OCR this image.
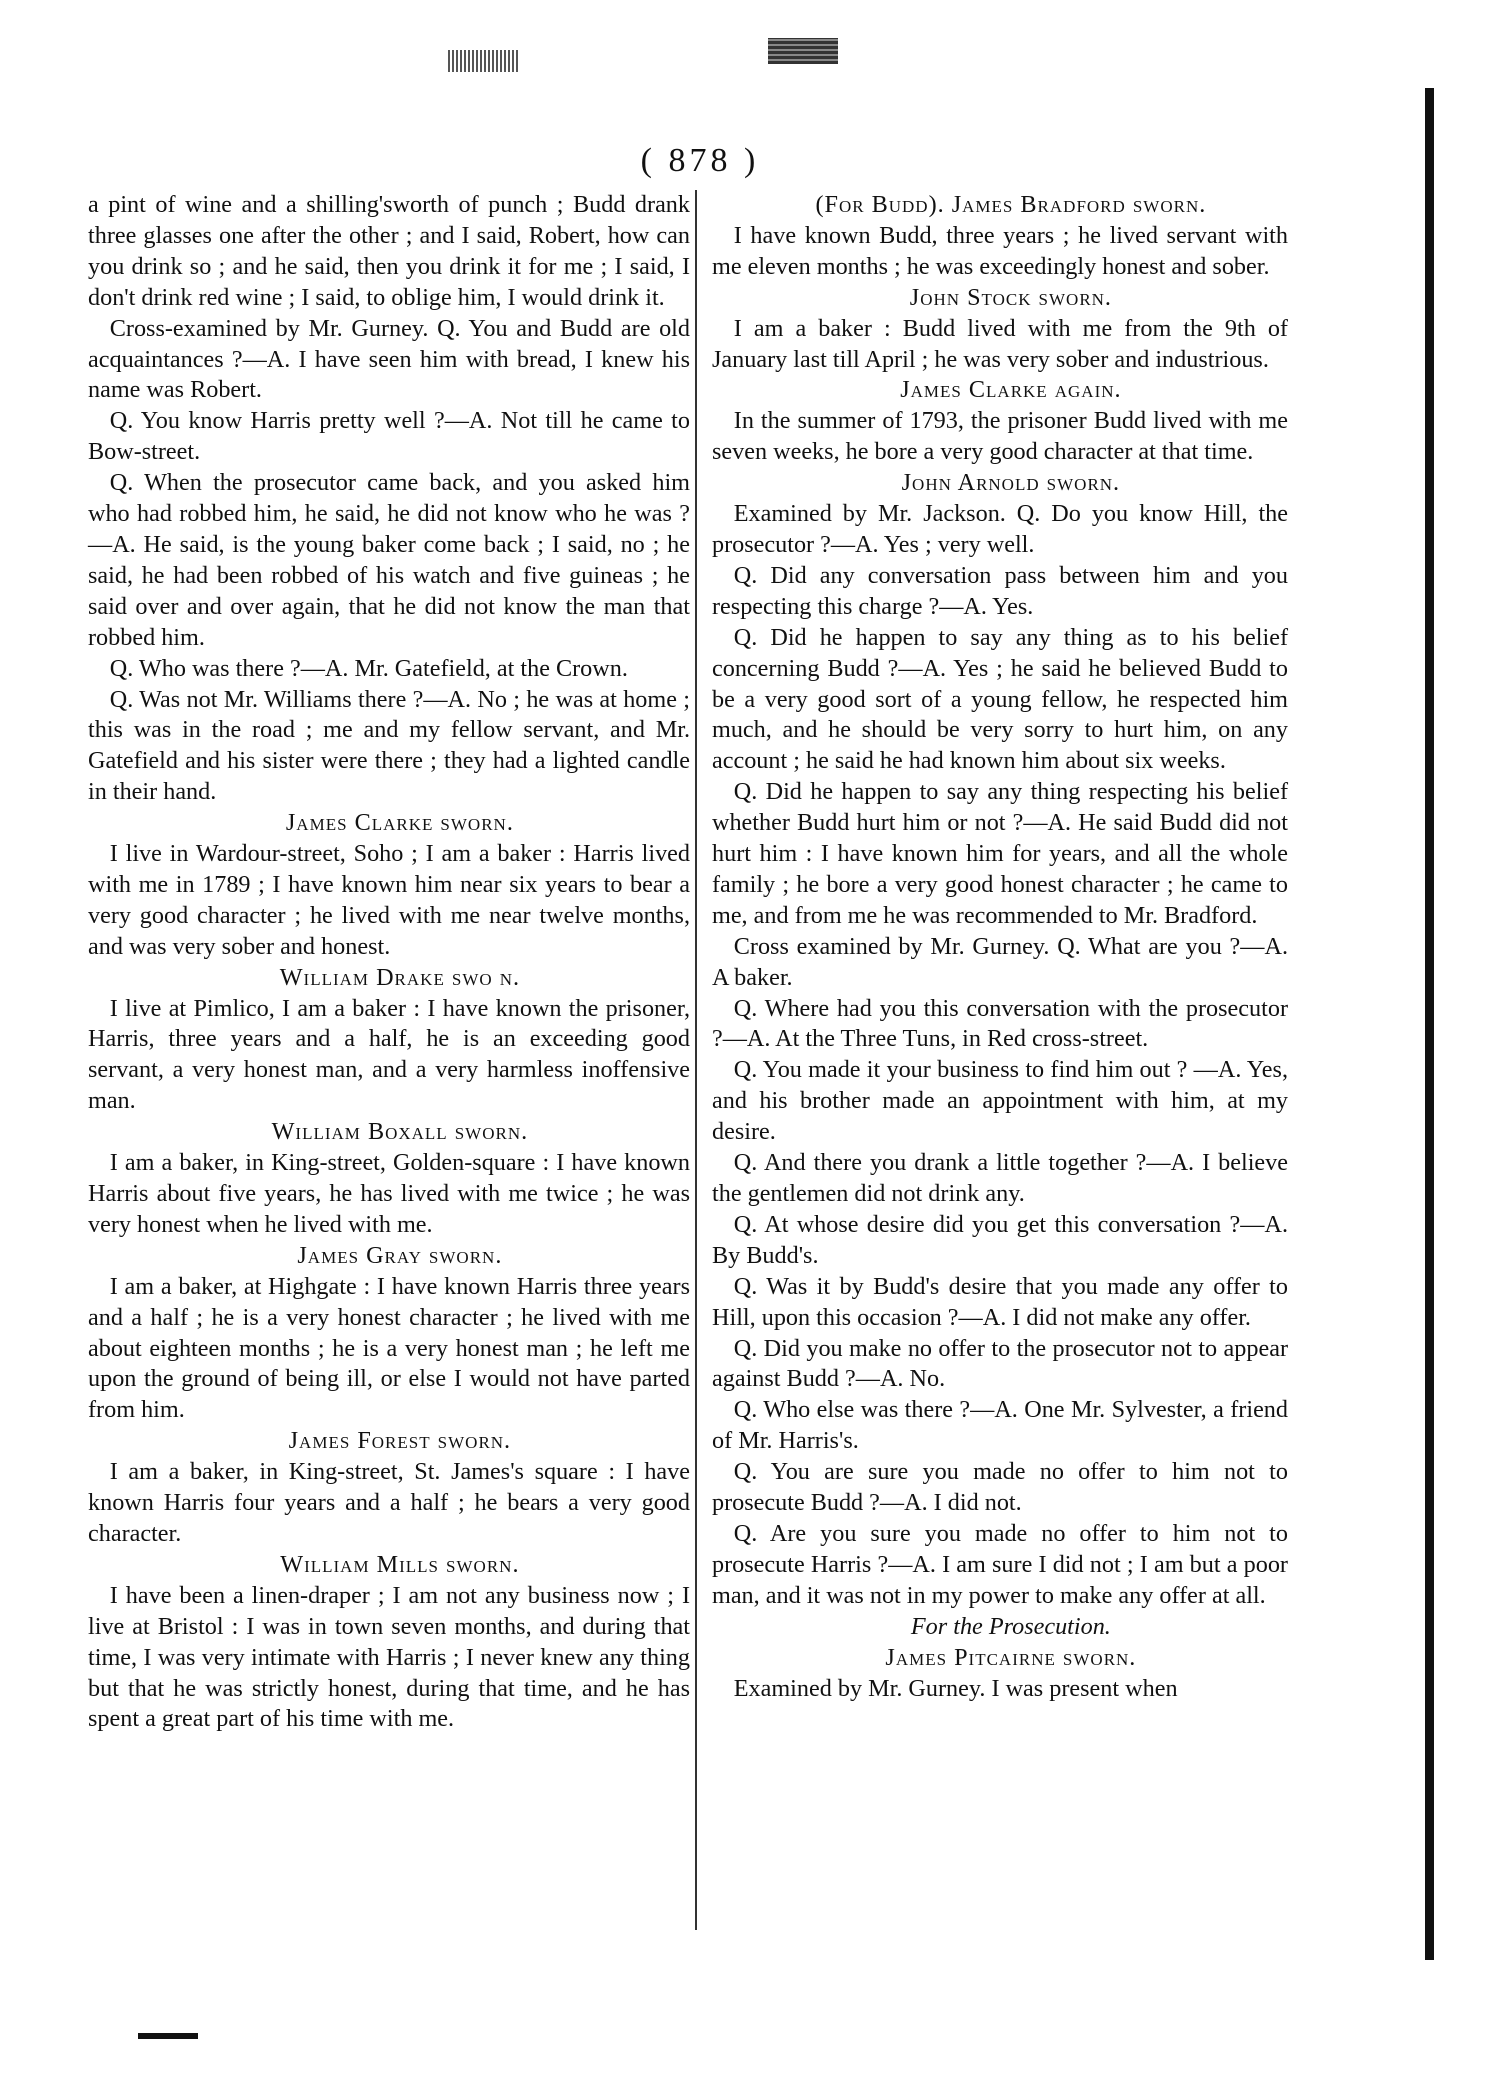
( 878 )

a pint of wine and a shilling'sworth of punch ; Budd drank three glasses one after the other ; and I said, Robert, how can you drink so ; and he said, then you drink it for me ; I said, I don't drink red wine ; I said, to oblige him, I would drink it.

Cross-examined by Mr. Gurney. Q. You and Budd are old acquaintances ?—A. I have seen him with bread, I knew his name was Robert.

Q. You know Harris pretty well ?—A. Not till he came to Bow-street.

Q. When the prosecutor came back, and you asked him who had robbed him, he said, he did not know who he was ?—A. He said, is the young baker come back ; I said, no ; he said, he had been robbed of his watch and five guineas ; he said over and over again, that he did not know the man that robbed him.

Q. Who was there ?—A. Mr. Gatefield, at the Crown.

Q. Was not Mr. Williams there ?—A. No ; he was at home ; this was in the road ; me and my fellow servant, and Mr. Gatefield and his sister were there ; they had a lighted candle in their hand.

James Clarke sworn.

I live in Wardour-street, Soho ; I am a baker : Harris lived with me in 1789 ; I have known him near six years to bear a very good character ; he lived with me near twelve months, and was very sober and honest.

William Drake swo n.

I live at Pimlico, I am a baker : I have known the prisoner, Harris, three years and a half, he is an exceeding good servant, a very honest man, and a very harmless inoffensive man.

William Boxall sworn.

I am a baker, in King-street, Golden-square : I have known Harris about five years, he has lived with me twice ; he was very honest when he lived with me.

James Gray sworn.

I am a baker, at Highgate : I have known Harris three years and a half ; he is a very honest character ; he lived with me about eighteen months ; he is a very honest man ; he left me upon the ground of being ill, or else I would not have parted from him.

James Forest sworn.

I am a baker, in King-street, St. James's square : I have known Harris four years and a half ; he bears a very good character.

William Mills sworn.

I have been a linen-draper ; I am not any business now ; I live at Bristol : I was in town seven months, and during that time, I was very intimate with Harris ; I never knew any thing but that he was strictly honest, during that time, and he has spent a great part of his time with me.

(For Budd). James Bradford sworn.

I have known Budd, three years ; he lived servant with me eleven months ; he was exceedingly honest and sober.

John Stock sworn.

I am a baker : Budd lived with me from the 9th of January last till April ; he was very sober and industrious.

James Clarke again.

In the summer of 1793, the prisoner Budd lived with me seven weeks, he bore a very good character at that time.

John Arnold sworn.

Examined by Mr. Jackson. Q. Do you know Hill, the prosecutor ?—A. Yes ; very well.

Q. Did any conversation pass between him and you respecting this charge ?—A. Yes.

Q. Did he happen to say any thing as to his belief concerning Budd ?—A. Yes ; he said he believed Budd to be a very good sort of a young fellow, he respected him much, and he should be very sorry to hurt him, on any account ; he said he had known him about six weeks.

Q. Did he happen to say any thing respecting his belief whether Budd hurt him or not ?—A. He said Budd did not hurt him : I have known him for years, and all the whole family ; he bore a very good honest character ; he came to me, and from me he was recommended to Mr. Bradford.

Cross examined by Mr. Gurney. Q. What are you ?—A. A baker.

Q. Where had you this conversation with the prosecutor ?—A. At the Three Tuns, in Red cross-street.

Q. You made it your business to find him out ? —A. Yes, and his brother made an appointment with him, at my desire.

Q. And there you drank a little together ?—A. I believe the gentlemen did not drink any.

Q. At whose desire did you get this conversation ?—A. By Budd's.

Q. Was it by Budd's desire that you made any offer to Hill, upon this occasion ?—A. I did not make any offer.

Q. Did you make no offer to the prosecutor not to appear against Budd ?—A. No.

Q. Who else was there ?—A. One Mr. Sylvester, a friend of Mr. Harris's.

Q. You are sure you made no offer to him not to prosecute Budd ?—A. I did not.

Q. Are you sure you made no offer to him not to prosecute Harris ?—A. I am sure I did not ; I am but a poor man, and it was not in my power to make any offer at all.

For the Prosecution.

James Pitcairne sworn.

Examined by Mr. Gurney. I was present when
